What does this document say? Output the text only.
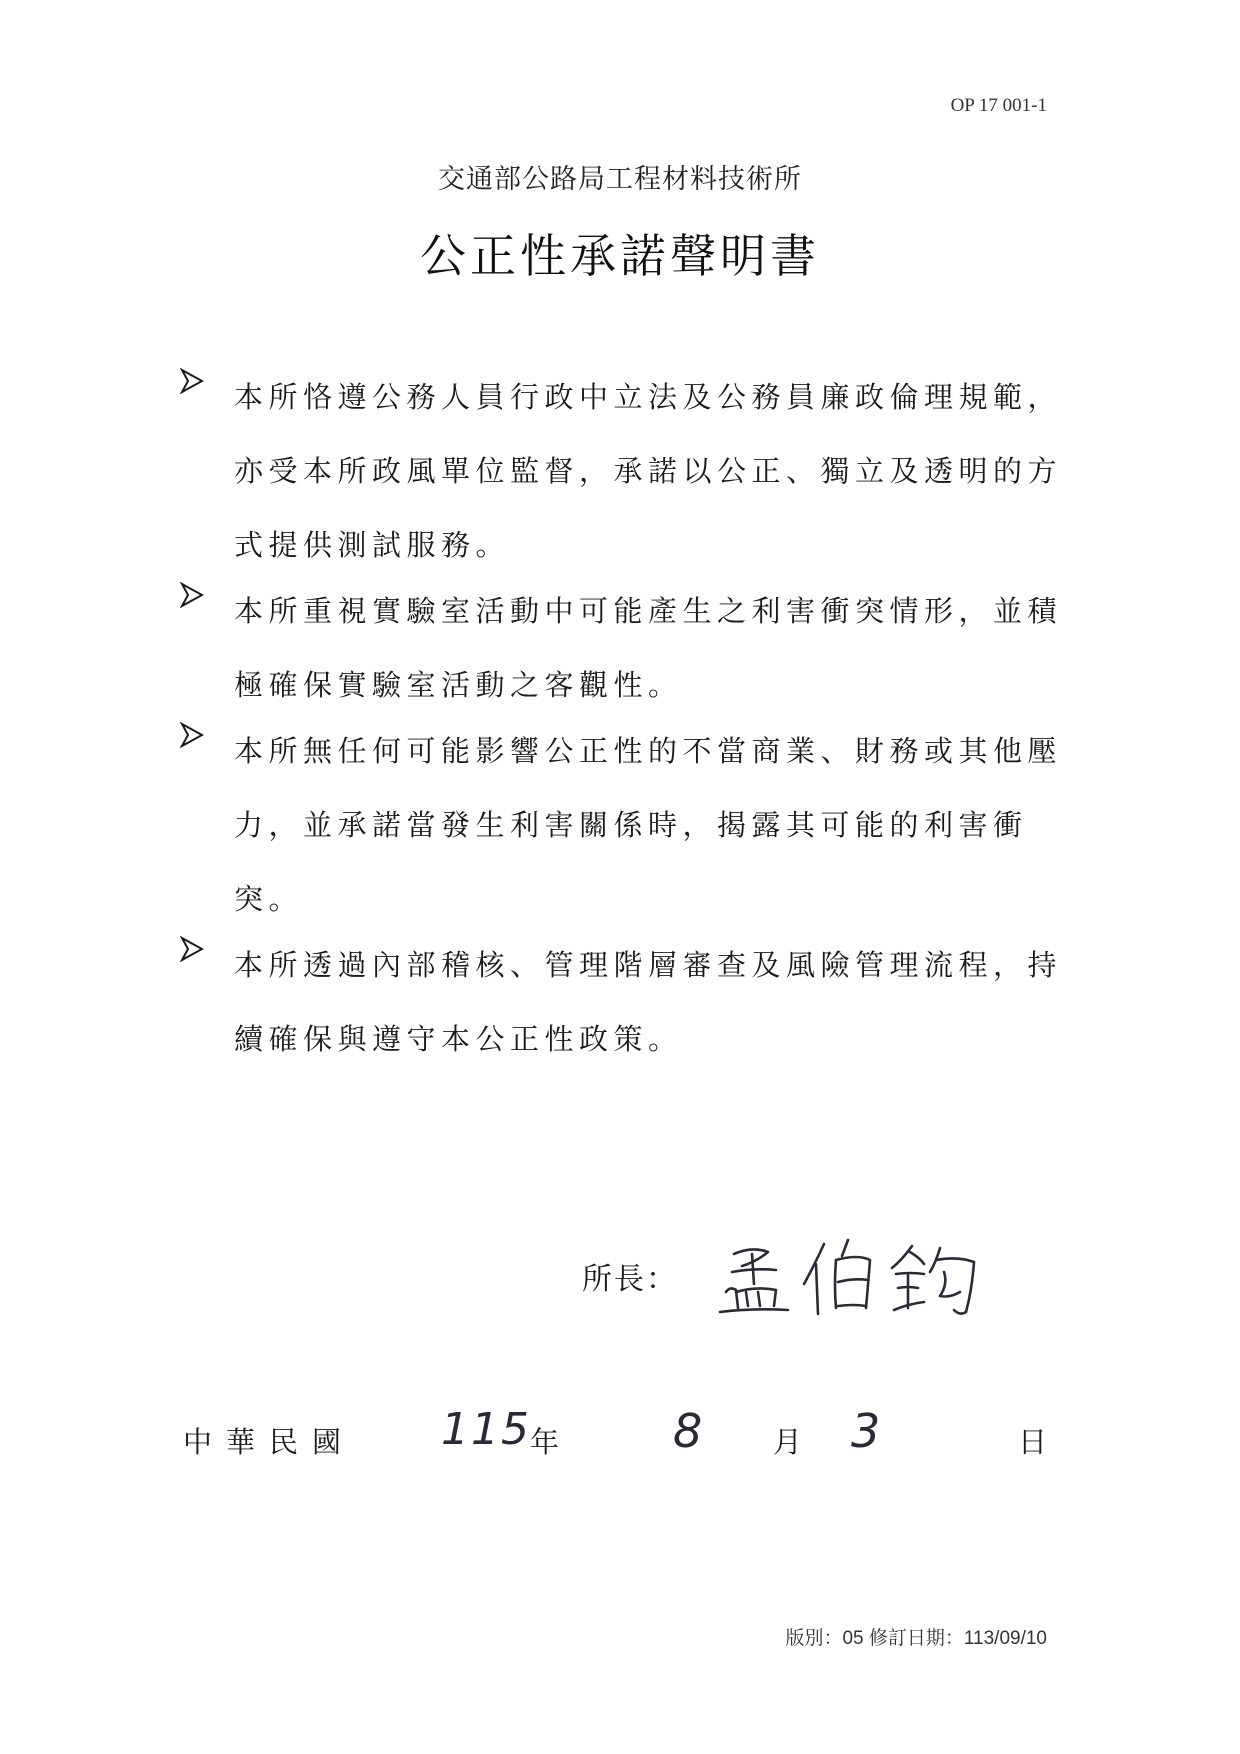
OP 17 001-1
交通部公路局工程材料技術所
公正性承諾聲明書
本所恪遵公務人員行政中立法及公務員廉政倫理規範，
亦受本所政風單位監督，承諾以公正、獨立及透明的方
式提供測試服務。
本所重視實驗室活動中可能產生之利害衝突情形，並積
極確保實驗室活動之客觀性。
本所無任何可能影響公正性的不當商業、財務或其他壓
力，並承諾當發生利害關係時，揭露其可能的利害衝
突。
本所透過內部稽核、管理階層審查及風險管理流程，持
續確保與遵守本公正性政策。
所長：
中華民國 115 年 8 月 3	日
版別：05 修訂日期：113/09/10
